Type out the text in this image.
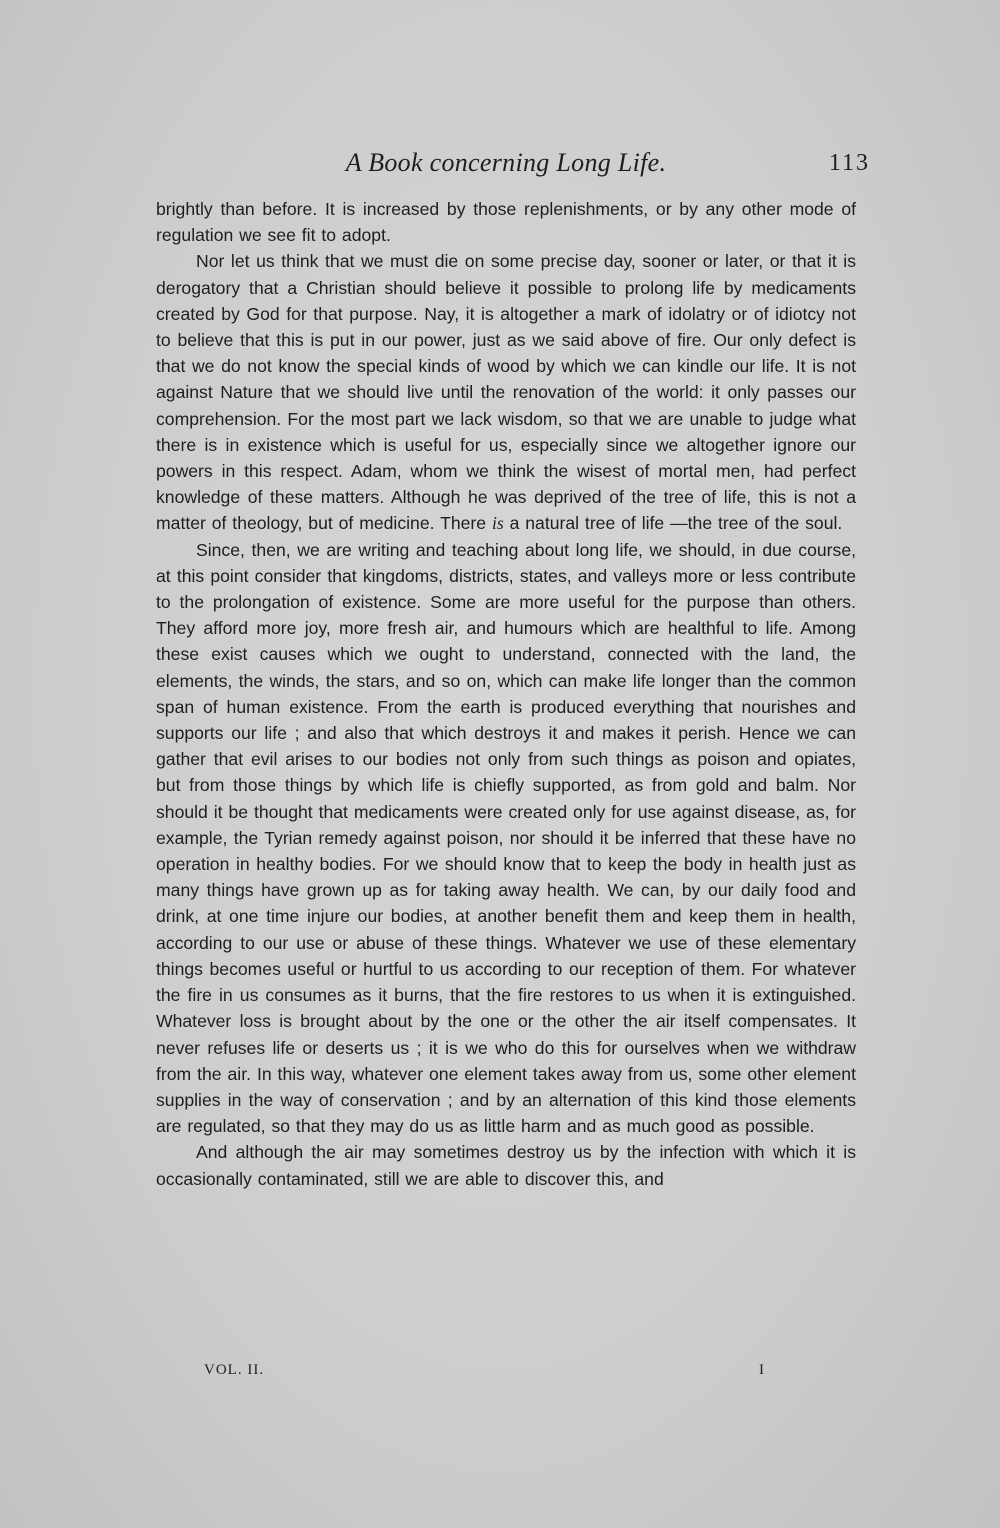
A Book concerning Long Life.	113

brightly than before. It is increased by those replenishments, or by any other mode of regulation we see fit to adopt.

Nor let us think that we must die on some precise day, sooner or later, or that it is derogatory that a Christian should believe it possible to prolong life by medicaments created by God for that purpose. Nay, it is altogether a mark of idolatry or of idiotcy not to believe that this is put in our power, just as we said above of fire. Our only defect is that we do not know the special kinds of wood by which we can kindle our life. It is not against Nature that we should live until the renovation of the world: it only passes our comprehension. For the most part we lack wisdom, so that we are unable to judge what there is in existence which is useful for us, especially since we altogether ignore our powers in this respect. Adam, whom we think the wisest of mortal men, had perfect knowledge of these matters. Although he was deprived of the tree of life, this is not a matter of theology, but of medicine. There is a natural tree of life —the tree of the soul.

Since, then, we are writing and teaching about long life, we should, in due course, at this point consider that kingdoms, districts, states, and valleys more or less contribute to the prolongation of existence. Some are more useful for the purpose than others. They afford more joy, more fresh air, and humours which are healthful to life. Among these exist causes which we ought to understand, connected with the land, the elements, the winds, the stars, and so on, which can make life longer than the common span of human existence. From the earth is produced everything that nourishes and supports our life ; and also that which destroys it and makes it perish. Hence we can gather that evil arises to our bodies not only from such things as poison and opiates, but from those things by which life is chiefly supported, as from gold and balm. Nor should it be thought that medicaments were created only for use against disease, as, for example, the Tyrian remedy against poison, nor should it be inferred that these have no operation in healthy bodies. For we should know that to keep the body in health just as many things have grown up as for taking away health. We can, by our daily food and drink, at one time injure our bodies, at another benefit them and keep them in health, according to our use or abuse of these things. Whatever we use of these elementary things becomes useful or hurtful to us according to our reception of them. For whatever the fire in us consumes as it burns, that the fire restores to us when it is extinguished. Whatever loss is brought about by the one or the other the air itself compensates. It never refuses life or deserts us ; it is we who do this for ourselves when we withdraw from the air. In this way, whatever one element takes away from us, some other element supplies in the way of conservation ; and by an alternation of this kind those elements are regulated, so that they may do us as little harm and as much good as possible.

And although the air may sometimes destroy us by the infection with which it is occasionally contaminated, still we are able to discover this, and

VOL. II.	I
